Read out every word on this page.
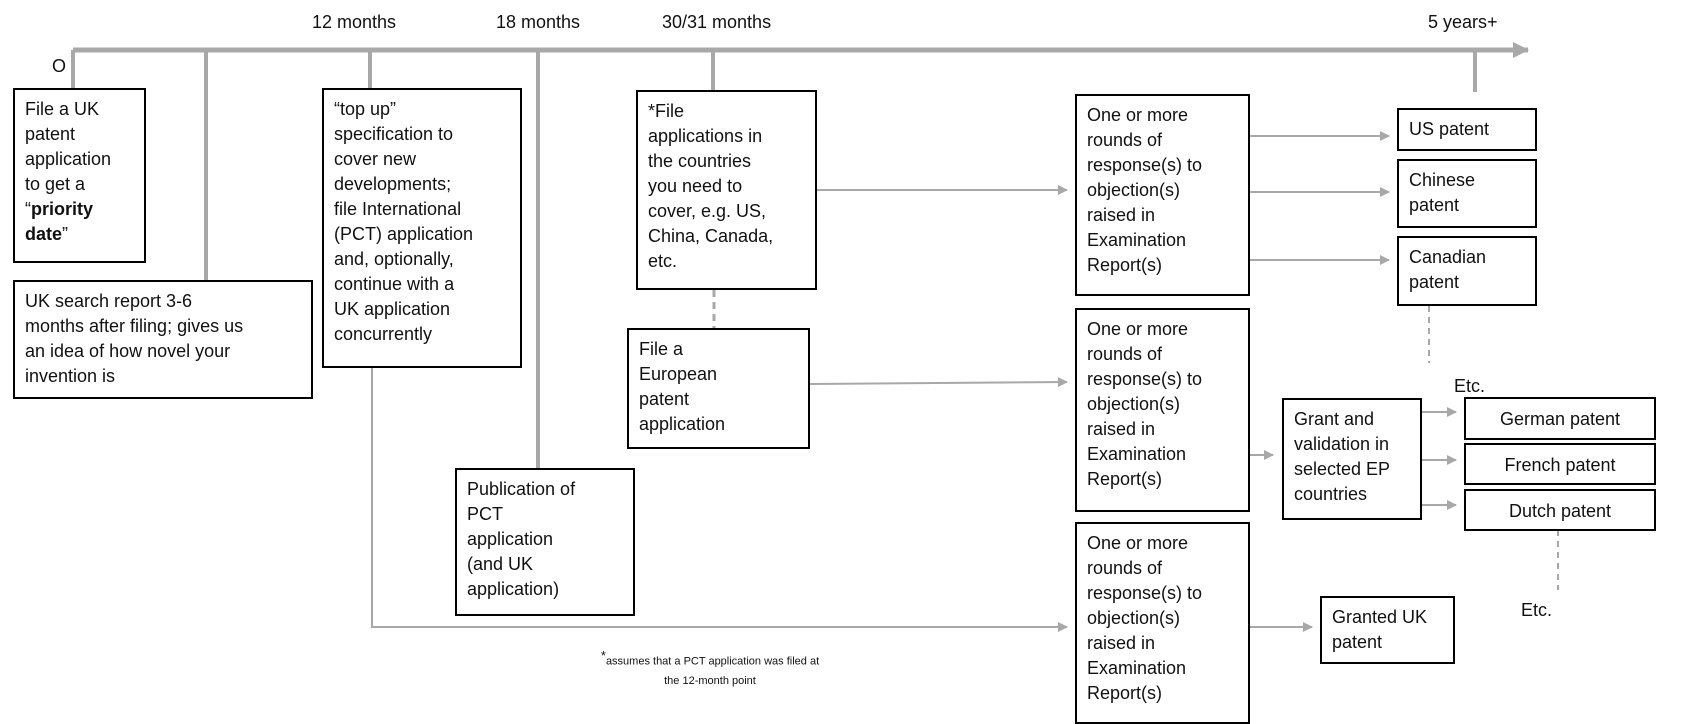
O
12 months	18 months	30/31 months	5 years+
File a UK
patent
application
to get a
“priority
date”
UK search report 3-6
months after filing; gives us
an idea of how novel your
invention is
“top up”
specification to
cover new
developments;
file International
(PCT) application
and, optionally,
continue with a
UK application
concurrently
Publication of
PCT
application
(and UK
application)
*File
applications in
the countries
you need to
cover, e.g. US,
China, Canada,
etc.
File a
European
patent
application
One or more
rounds of
response(s) to
objection(s)
raised in
Examination
Report(s)
One or more
rounds of
response(s) to
objection(s)
raised in
Examination
Report(s)
One or more
rounds of
response(s) to
objection(s)
raised in
Examination
Report(s)
Grant and
validation in
selected EP
countries
US patent
Chinese
patent
Canadian
patent
German patent
French patent
Dutch patent
Granted UK
patent
Etc.
Etc.
*assumes that a PCT application was filed at
the 12-month point
